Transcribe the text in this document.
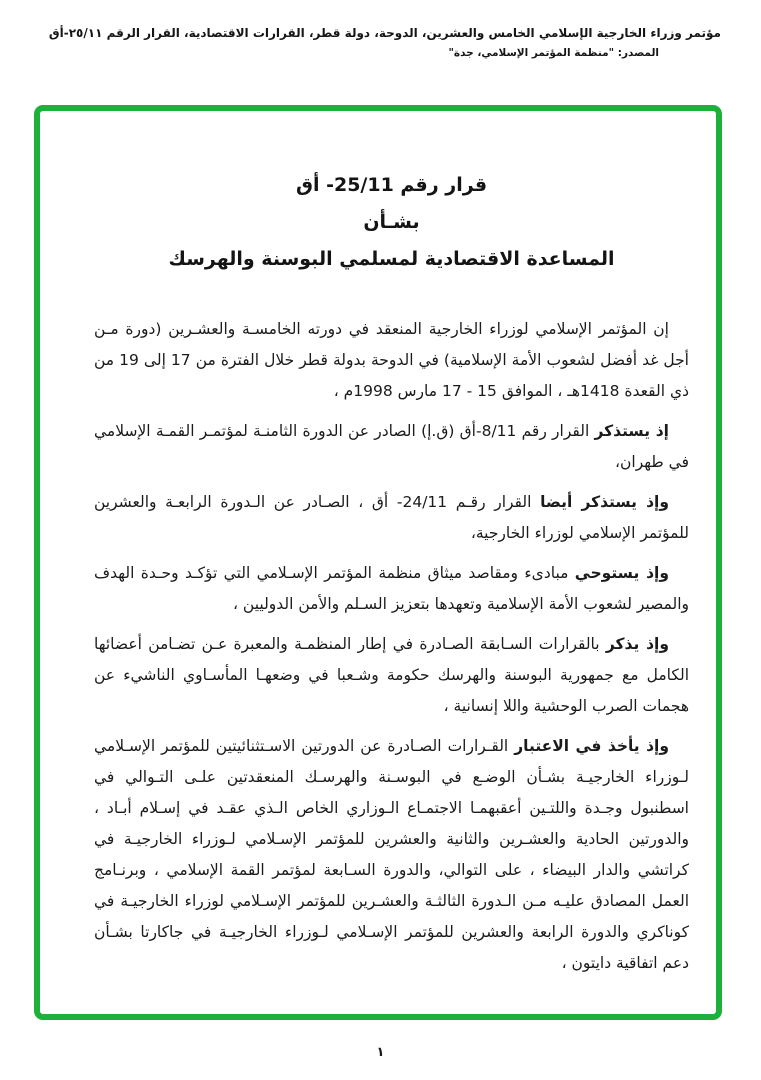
مؤتمر وزراء الخارجية الإسلامي الخامس والعشرين، الدوحة، دولة قطر، القرارات الاقتصادية، القرار الرقم ٢٥/١١-أق
المصدر: "منظمة المؤتمر الإسلامي، جدة"
قرار رقم 25/11- أق
بشـأن
المساعدة الاقتصادية لمسلمي البوسنة والهرسك

إن المؤتمر الإسلامي لوزراء الخارجية المنعقد في دورته الخامسـة والعشـرين (دورة مـن أجل غد أفضل لشعوب الأمة الإسلامية) في الدوحة بدولة قطر خلال الفترة من 17 إلى 19 من ذي القعدة 1418هـ ، الموافق 15 - 17 مارس 1998م ،

إذ يستذكر القرار رقم 8/11-أق (ق.إ) الصادر عن الدورة الثامنـة لمؤتمـر القمـة الإسلامي في طهران،

وإذ يستذكر أيضا القرار رقـم 24/11- أق ، الصـادر عن الـدورة الرابعـة والعشرين للمؤتمر الإسلامي لوزراء الخارجية،

وإذ يستوحي مبادىء ومقاصد ميثاق منظمة المؤتمر الإسـلامي التي تؤكـد وحـدة الهدف والمصير لشعوب الأمة الإسلامية وتعهدها بتعزيز السـلم والأمن الدوليين ،

وإذ يذكر بالقرارات السـابقة الصـادرة في إطار المنظمـة والمعبرة عـن تضـامن أعضائها الكامل مع جمهورية البوسنة والهرسك حكومة وشـعبا في وضعهـا المأسـاوي الناشيء عن هجمات الصرب الوحشية واللا إنسانية ،

وإذ يأخذ في الاعتبار القـرارات الصـادرة عن الدورتين الاسـتثنائيتين للمؤتمر الإسـلامي لـوزراء الخارجيـة بشـأن الوضـع في البوسـنة والهرسـك المنعقدتين علـى التـوالي في اسطنبول وجـدة واللتـين أعقبهمـا الاجتمـاع الـوزاري الخاص الـذي عقـد في إسـلام أبـاد ، والدورتين الحادية والعشـرين والثانية والعشرين للمؤتمر الإسـلامي لـوزراء الخارجيـة في كراتشي والدار البيضاء ، على التوالي، والدورة السـابعة لمؤتمر القمة الإسلامي ، وبرنـامج العمل المصادق عليـه مـن الـدورة الثالثـة والعشـرين للمؤتمر الإسـلامي لوزراء الخارجيـة في كوناكري والدورة الرابعة والعشرين للمؤتمر الإسـلامي لـوزراء الخارجيـة في جاكارتا بشـأن دعم اتفاقية دايتون ،

١
